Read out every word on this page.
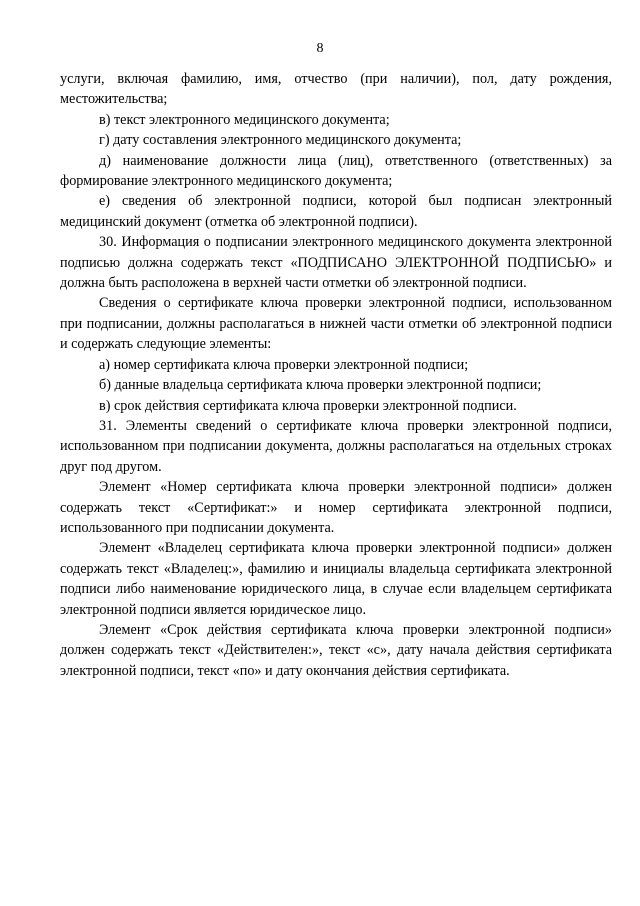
8

услуги, включая фамилию, имя, отчество (при наличии), пол, дату рождения, местожительства;

в) текст электронного медицинского документа;

г) дату составления электронного медицинского документа;

д) наименование должности лица (лиц), ответственного (ответственных) за формирование электронного медицинского документа;

е) сведения об электронной подписи, которой был подписан электронный медицинский документ (отметка об электронной подписи).

30. Информация о подписании электронного медицинского документа электронной подписью должна содержать текст «ПОДПИСАНО ЭЛЕКТРОННОЙ ПОДПИСЬЮ» и должна быть расположена в верхней части отметки об электронной подписи.

Сведения о сертификате ключа проверки электронной подписи, использованном при подписании, должны располагаться в нижней части отметки об электронной подписи и содержать следующие элементы:

а) номер сертификата ключа проверки электронной подписи;

б) данные владельца сертификата ключа проверки электронной подписи;

в) срок действия сертификата ключа проверки электронной подписи.

31. Элементы сведений о сертификате ключа проверки электронной подписи, использованном при подписании документа, должны располагаться на отдельных строках друг под другом.

Элемент «Номер сертификата ключа проверки электронной подписи» должен содержать текст «Сертификат:» и номер сертификата электронной подписи, использованного при подписании документа.

Элемент «Владелец сертификата ключа проверки электронной подписи» должен содержать текст «Владелец:», фамилию и инициалы владельца сертификата электронной подписи либо наименование юридического лица, в случае если владельцем сертификата электронной подписи является юридическое лицо.

Элемент «Срок действия сертификата ключа проверки электронной подписи» должен содержать текст «Действителен:», текст «с», дату начала действия сертификата электронной подписи, текст «по» и дату окончания действия сертификата.
